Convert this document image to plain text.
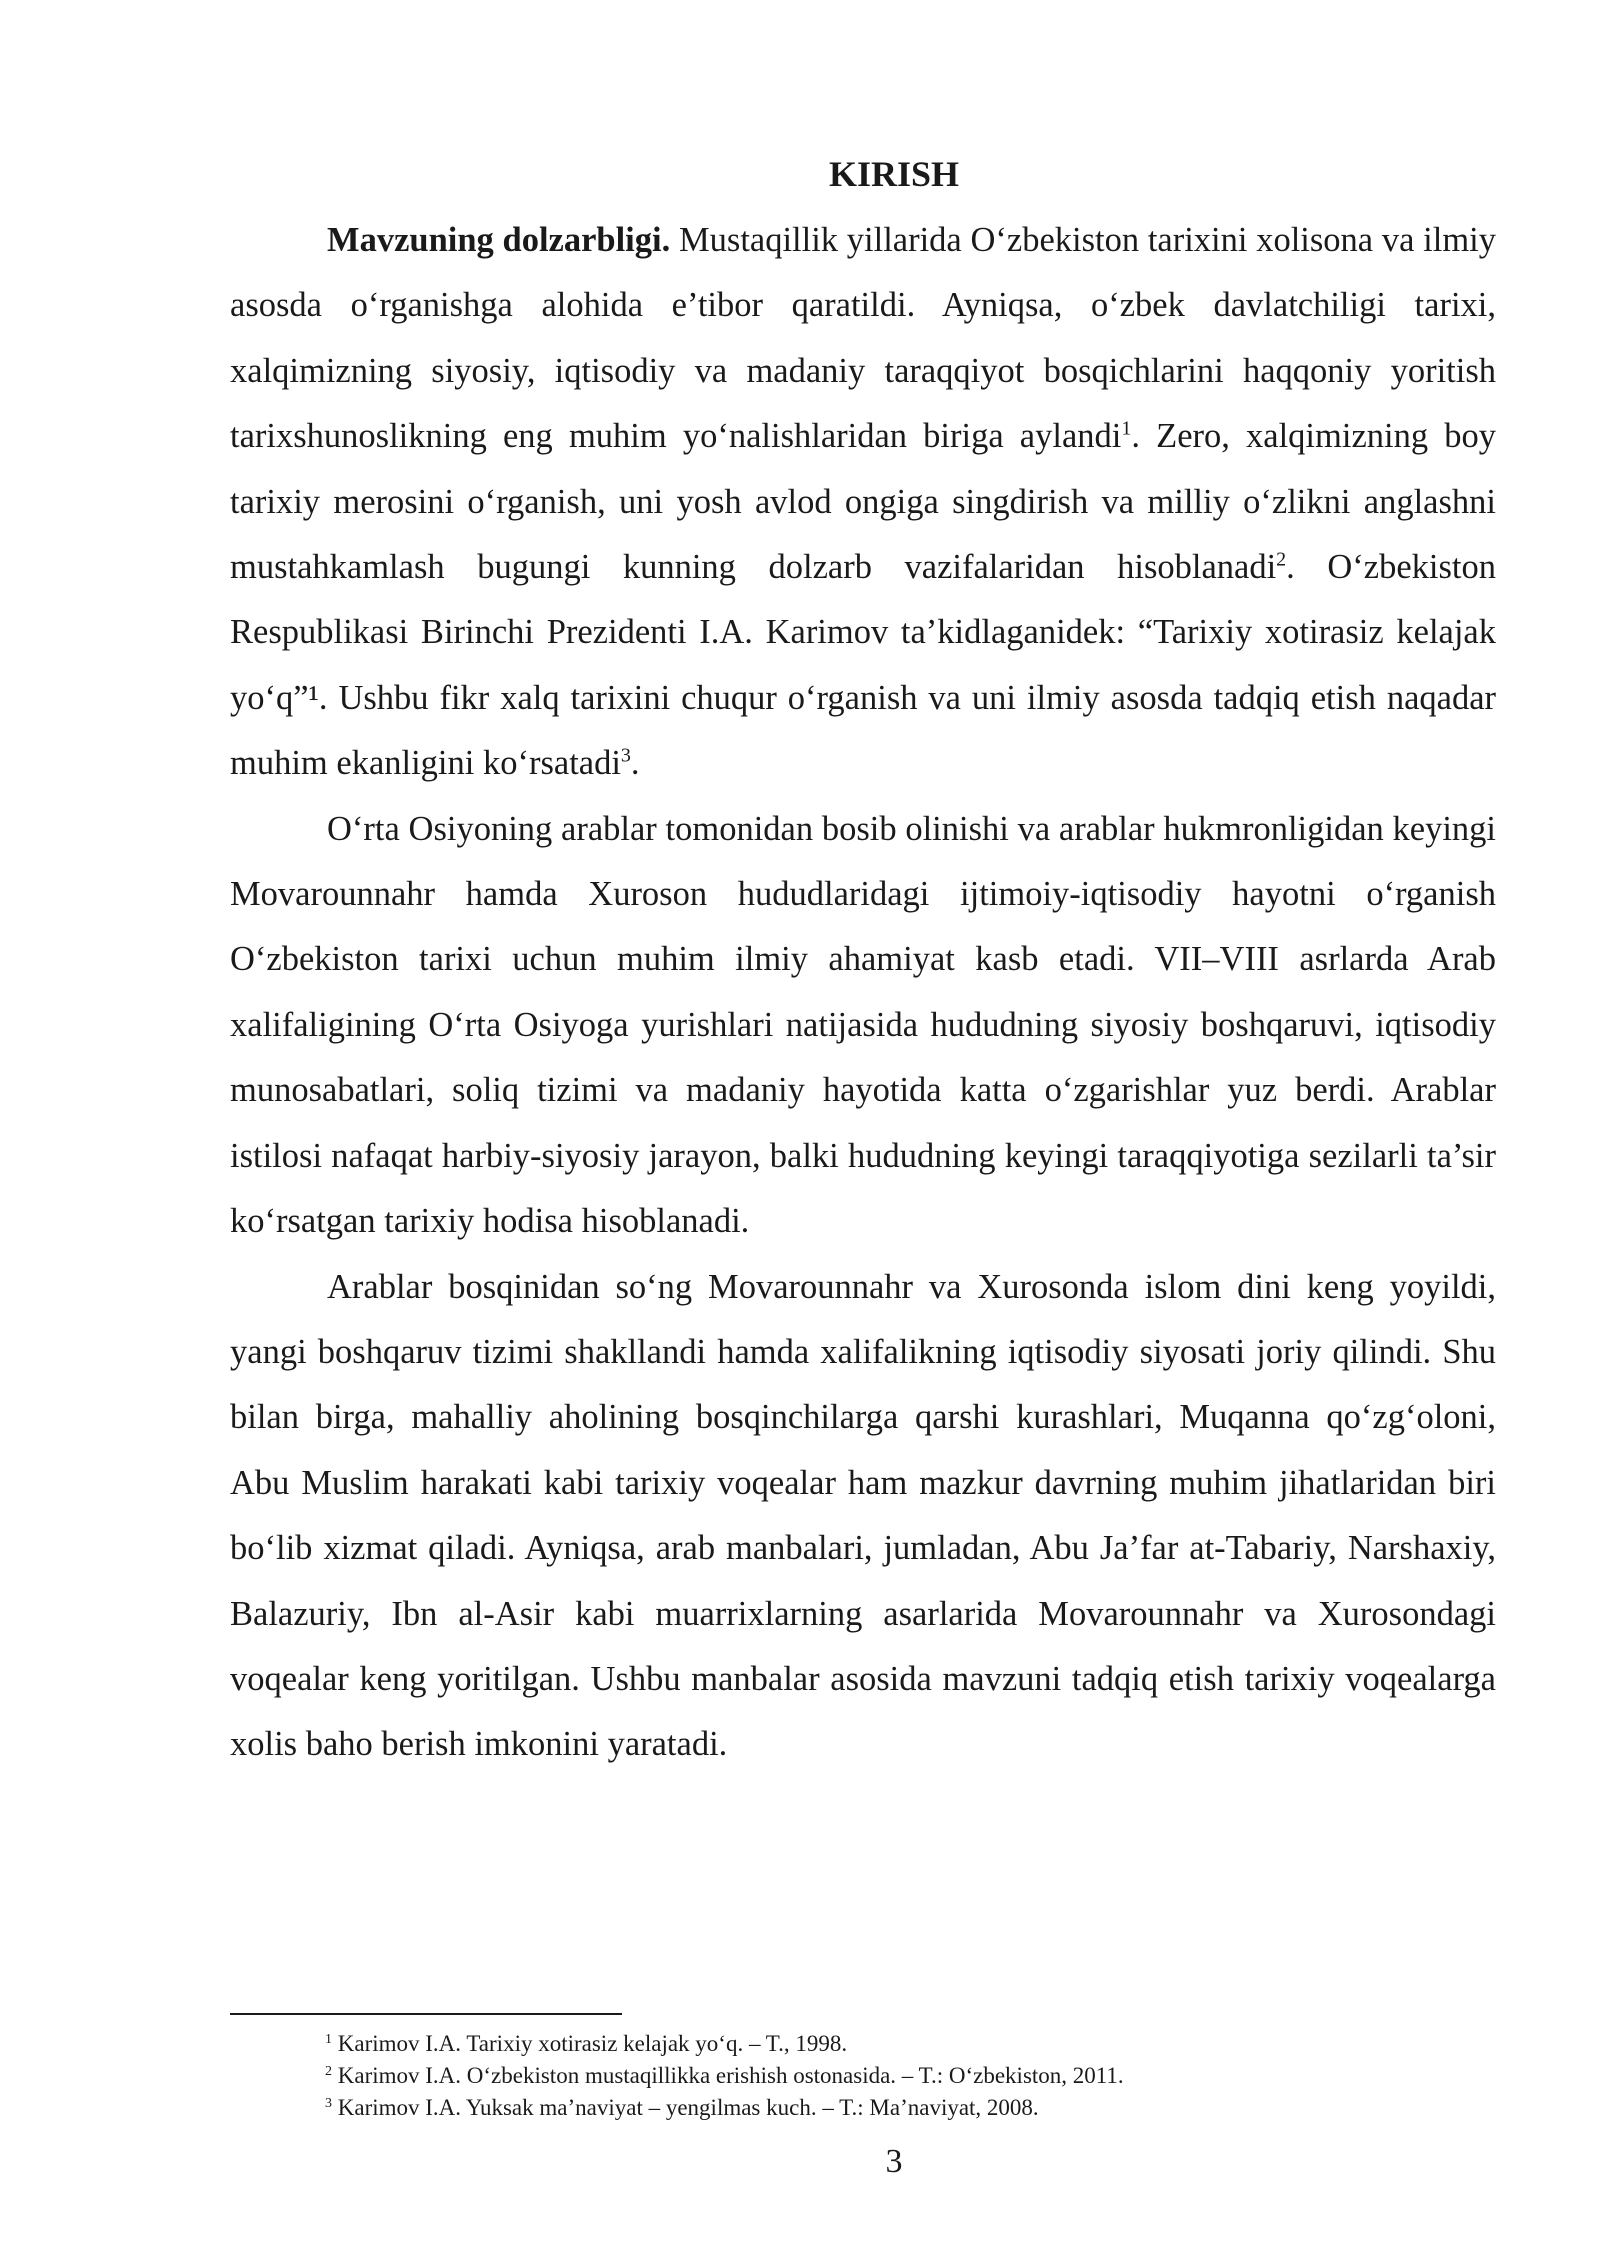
KIRISH

Mavzuning dolzarbligi. Mustaqillik yillarida O‘zbekiston tarixini xolisona va ilmiy asosda o‘rganishga alohida e’tibor qaratildi. Ayniqsa, o‘zbek davlatchiligi tarixi, xalqimizning siyosiy, iqtisodiy va madaniy taraqqiyot bosqichlarini haqqoniy yoritish tarixshunoslikning eng muhim yo‘nalishlaridan biriga aylandi$^1$. Zero, xalqimizning boy tarixiy merosini o‘rganish, uni yosh avlod ongiga singdirish va milliy o‘zlikni anglashni mustahkamlash bugungi kunning dolzarb vazifalaridan hisoblanadi$^2$. O‘zbekiston Respublikasi Birinchi Prezidenti I.A. Karimov ta’kidlaganidek: “Tarixiy xotirasiz kelajak yo‘q”¹. Ushbu fikr xalq tarixini chuqur o‘rganish va uni ilmiy asosda tadqiq etish naqadar muhim ekanligini ko‘rsatadi$^3$.

O‘rta Osiyoning arablar tomonidan bosib olinishi va arablar hukmronligidan keyingi Movarounnahr hamda Xuroson hududlaridagi ijtimoiy-iqtisodiy hayotni o‘rganish O‘zbekiston tarixi uchun muhim ilmiy ahamiyat kasb etadi. VII–VIII asrlarda Arab xalifaligining O‘rta Osiyoga yurishlari natijasida hududning siyosiy boshqaruvi, iqtisodiy munosabatlari, soliq tizimi va madaniy hayotida katta o‘zgarishlar yuz berdi. Arablar istilosi nafaqat harbiy-siyosiy jarayon, balki hududning keyingi taraqqiyotiga sezilarli ta’sir ko‘rsatgan tarixiy hodisa hisoblanadi.

Arablar bosqinidan so‘ng Movarounnahr va Xurosonda islom dini keng yoyildi, yangi boshqaruv tizimi shakllandi hamda xalifalikning iqtisodiy siyosati joriy qilindi. Shu bilan birga, mahalliy aholining bosqinchilarga qarshi kurashlari, Muqanna qo‘zg‘oloni, Abu Muslim harakati kabi tarixiy voqealar ham mazkur davrning muhim jihatlaridan biri bo‘lib xizmat qiladi. Ayniqsa, arab manbalari, jumladan, Abu Ja’far at-Tabariy, Narshaxiy, Balazuriy, Ibn al-Asir kabi muarrixlarning asarlarida Movarounnahr va Xurosondagi voqealar keng yoritilgan. Ushbu manbalar asosida mavzuni tadqiq etish tarixiy voqealarga xolis baho berish imkonini yaratadi.

$^1$ Karimov I.A. Tarixiy xotirasiz kelajak yo‘q. – T., 1998.

$^2$ Karimov I.A. O‘zbekiston mustaqillikka erishish ostonasida. – T.: O‘zbekiston, 2011.

$^3$ Karimov I.A. Yuksak ma’naviyat – yengilmas kuch. – T.: Ma’naviyat, 2008.

3
